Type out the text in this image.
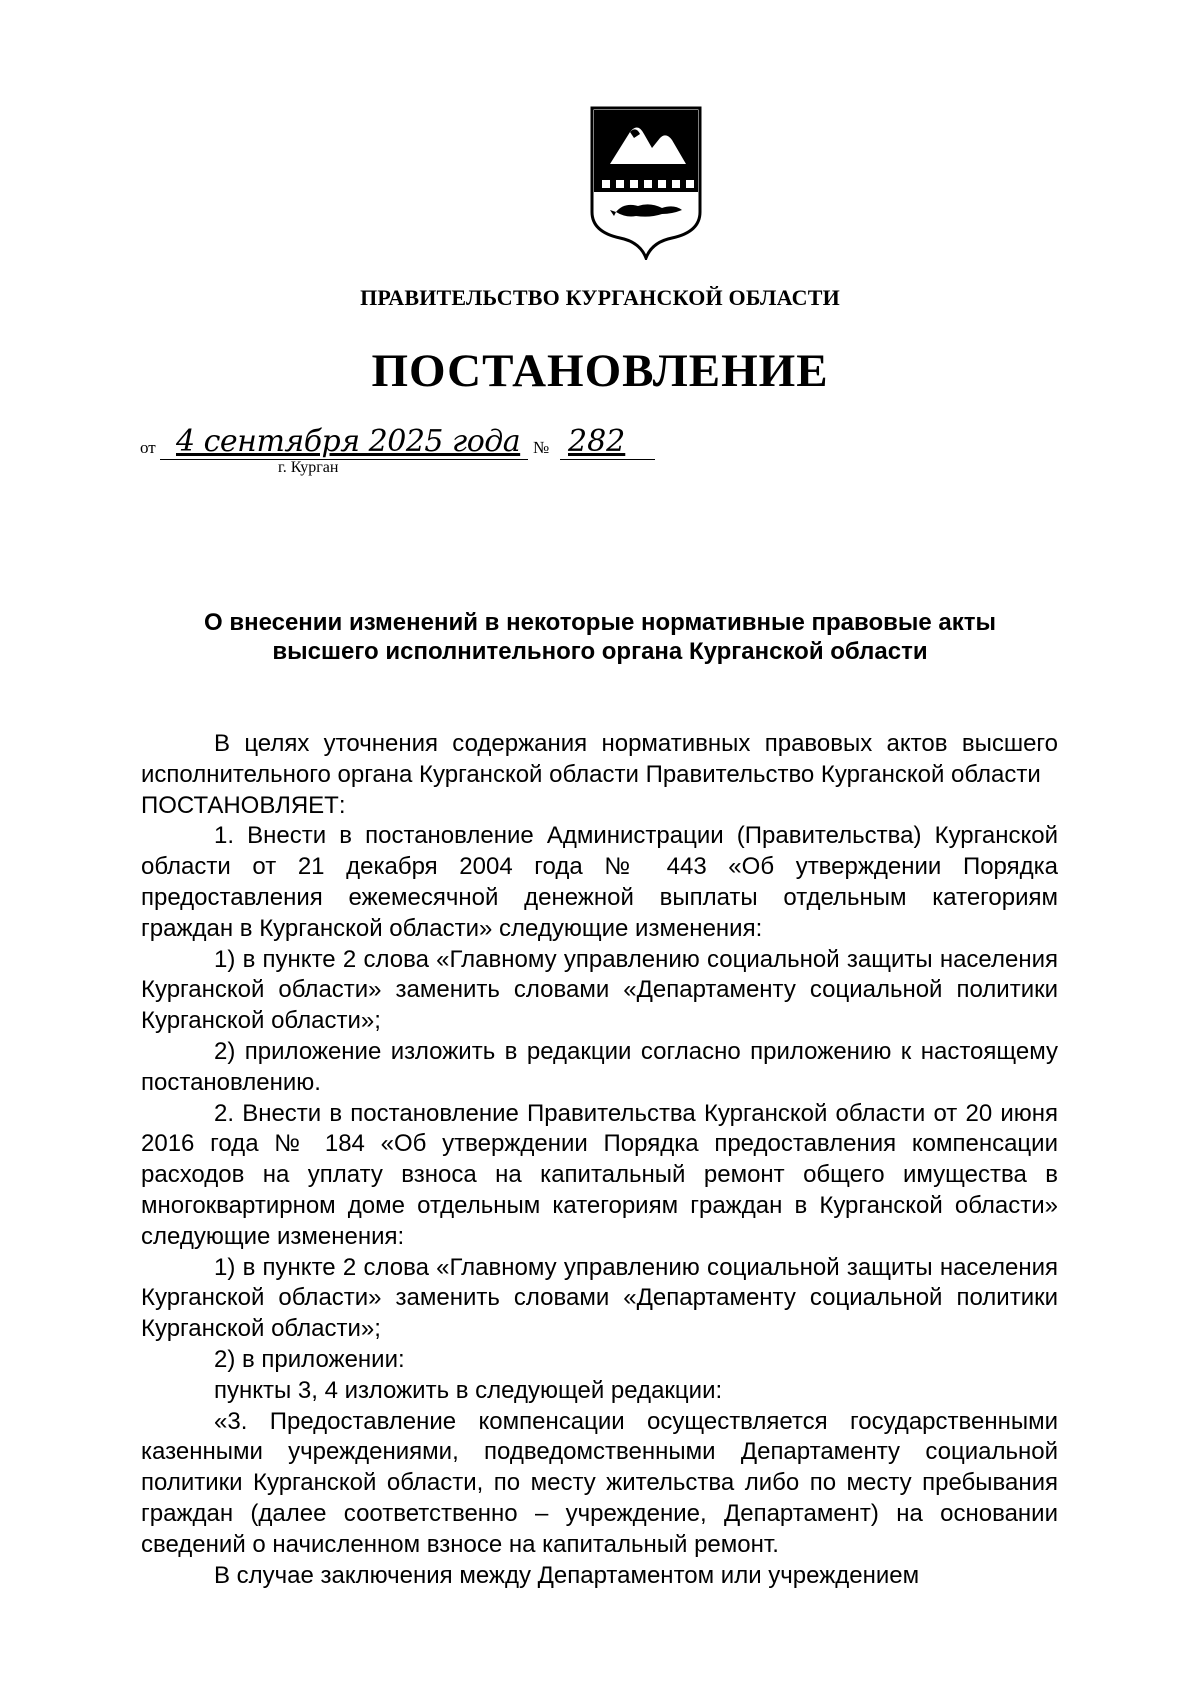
ПРАВИТЕЛЬСТВО КУРГАНСКОЙ ОБЛАСТИ
ПОСТАНОВЛЕНИЕ
от 4 сентября 2025 года № 282
г. Курган
О внесении изменений в некоторые нормативные правовые акты
высшего исполнительного органа Курганской области

В целях уточнения содержания нормативных правовых актов высшего исполнительного органа Курганской области Правительство Курганской области

ПОСТАНОВЛЯЕТ:

1. Внести в постановление Администрации (Правительства) Курганской области от 21 декабря 2004 года № 443 «Об утверждении Порядка предоставления ежемесячной денежной выплаты отдельным категориям граждан в Курганской области» следующие изменения:

1) в пункте 2 слова «Главному управлению социальной защиты населения Курганской области» заменить словами «Департаменту социальной политики Курганской области»;

2) приложение изложить в редакции согласно приложению к настоящему постановлению.

2. Внести в постановление Правительства Курганской области от 20 июня 2016 года № 184 «Об утверждении Порядка предоставления компенсации расходов на уплату взноса на капитальный ремонт общего имущества в многоквартирном доме отдельным категориям граждан в Курганской области» следующие изменения:

1) в пункте 2 слова «Главному управлению социальной защиты населения Курганской области» заменить словами «Департаменту социальной политики Курганской области»;

2) в приложении:

пункты 3, 4 изложить в следующей редакции:

«3. Предоставление компенсации осуществляется государственными казенными учреждениями, подведомственными Департаменту социальной политики Курганской области, по месту жительства либо по месту пребывания граждан (далее соответственно – учреждение, Департамент) на основании сведений о начисленном взносе на капитальный ремонт.

В случае заключения между Департаментом или учреждением
